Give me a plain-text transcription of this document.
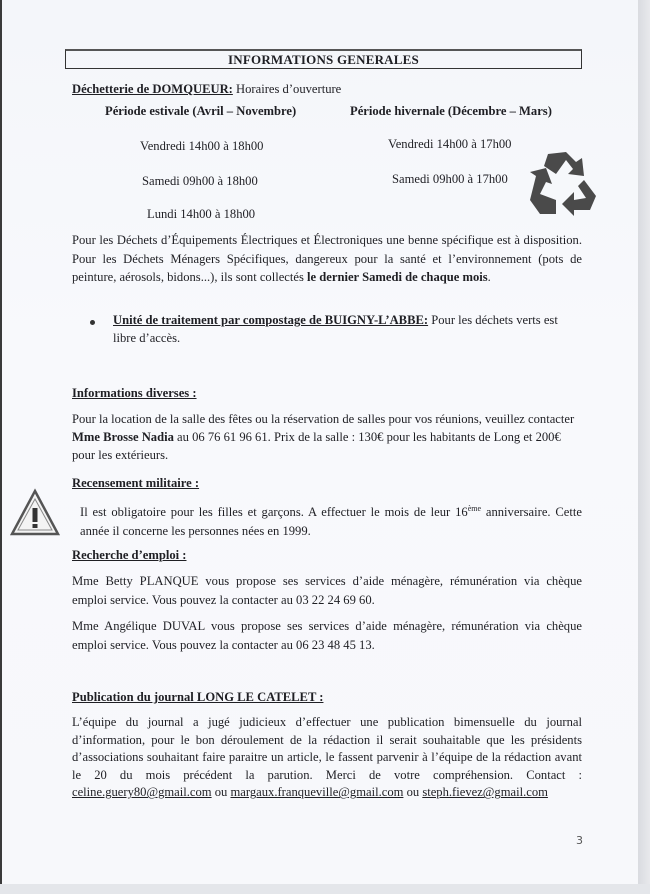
INFORMATIONS GENERALES
Déchetterie de DOMQUEUR: Horaires d’ouverture
Période estivale (Avril – Novembre)	Période hivernale (Décembre – Mars)
Vendredi 14h00 à 18h00
Samedi 09h00 à 18h00
Lundi 14h00 à 18h00
Vendredi 14h00 à 17h00
Samedi 09h00 à 17h00
Pour les Déchets d’Équipements Électriques et Électroniques une benne spécifique est à disposition.
Pour les Déchets Ménagers Spécifiques, dangereux pour la santé et l’environnement (pots de
peinture, aérosols, bidons...), ils sont collectés le dernier Samedi de chaque mois.
Unité de traitement par compostage de BUIGNY-L’ABBE: Pour les déchets verts est
libre d’accès.
Informations diverses :
Pour la location de la salle des fêtes ou la réservation de salles pour vos réunions, veuillez contacter
Mme Brosse Nadia au 06 76 61 96 61. Prix de la salle : 130€ pour les habitants de Long et 200€
pour les extérieurs.
Recensement militaire :
Il est obligatoire pour les filles et garçons. A effectuer le mois de leur 16ème anniversaire. Cette
année il concerne les personnes nées en 1999.
Recherche d’emploi :
Mme Betty PLANQUE vous propose ses services d’aide ménagère, rémunération via chèque
emploi service. Vous pouvez la contacter au 03 22 24 69 60.
Mme Angélique DUVAL vous propose ses services d’aide ménagère, rémunération via chèque
emploi service. Vous pouvez la contacter au 06 23 48 45 13.
Publication du journal LONG LE CATELET :
L’équipe du journal a jugé judicieux d’effectuer une publication bimensuelle du journal
d’information, pour le bon déroulement de la rédaction il serait souhaitable que les présidents
d’associations souhaitant faire paraitre un article, le fassent parvenir à l’équipe de la rédaction avant
le 20 du mois précédent la parution. Merci de votre compréhension. Contact :
celine.guery80@gmail.com ou margaux.franqueville@gmail.com ou steph.fievez@gmail.com
3
